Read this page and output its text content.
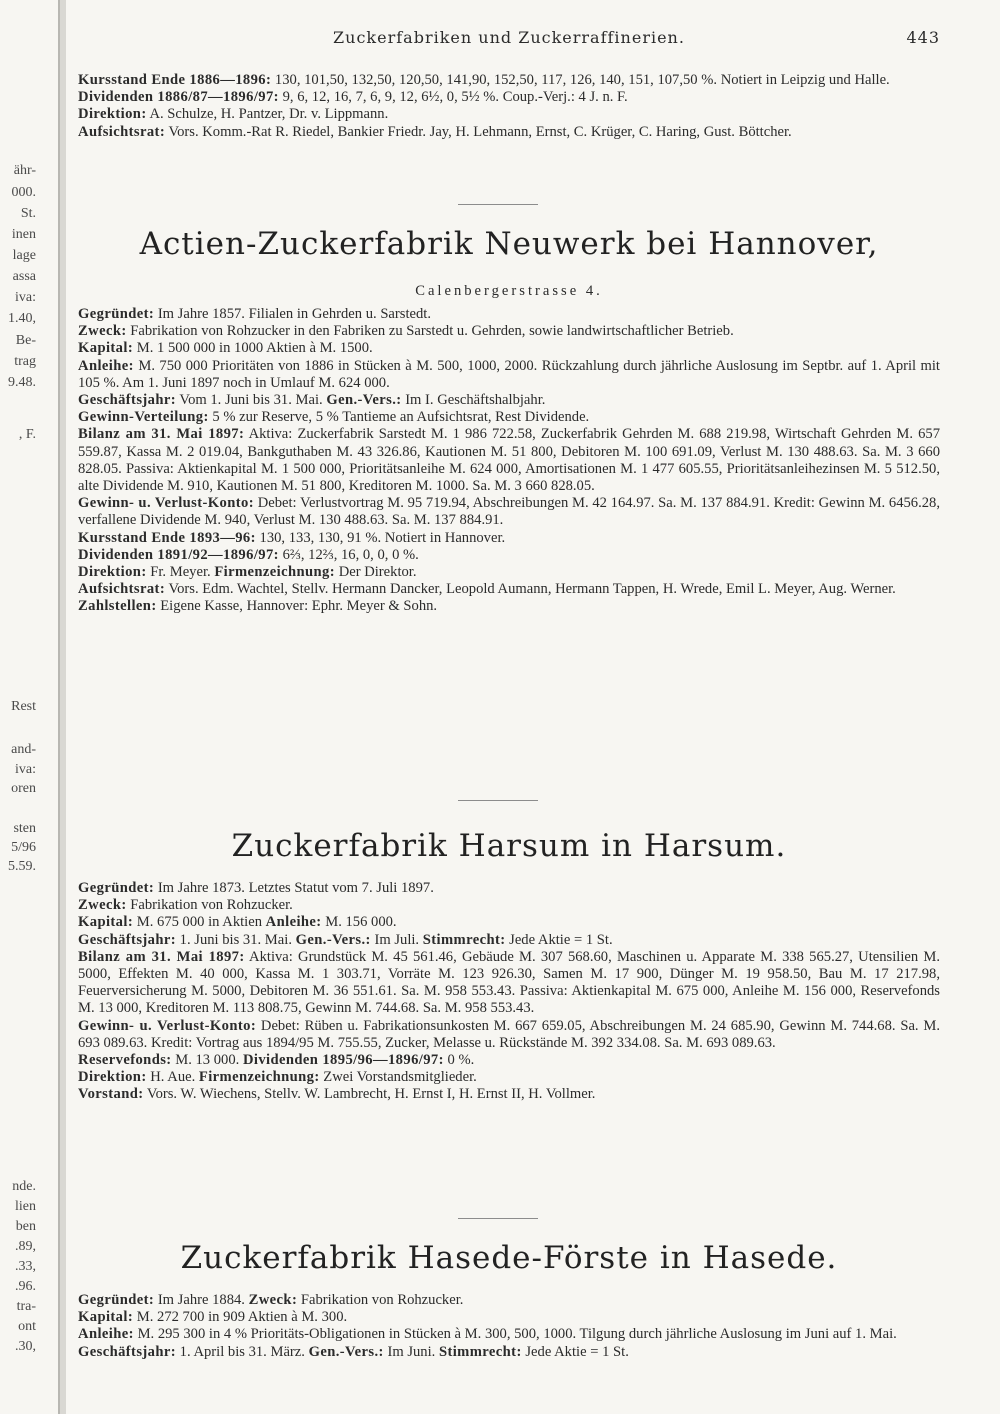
ähr-
000.
St.
inen
lage
assa
iva:
1.40,
Be-
trag
9.48.
, F.
Rest
and-
iva:
oren
sten
5/96
5.59.
nde.
lien
ben
.89,
.33,
.96.
tra-
ont
.30,
Zuckerfabriken und Zuckerraffinerien.	443

Kursstand Ende 1886—1896: 130, 101,50, 132,50, 120,50, 141,90, 152,50, 117, 126, 140, 151, 107,50 %. Notiert in Leipzig und Halle.

Dividenden 1886/87—1896/97: 9, 6, 12, 16, 7, 6, 9, 12, 6½, 0, 5½ %. Coup.-Verj.: 4 J. n. F.

Direktion: A. Schulze, H. Pantzer, Dr. v. Lippmann.

Aufsichtsrat: Vors. Komm.-Rat R. Riedel, Bankier Friedr. Jay, H. Lehmann, Ernst, C. Krüger, C. Haring, Gust. Böttcher.

Actien-Zuckerfabrik Neuwerk bei Hannover,
Calenbergerstrasse 4.

Gegründet: Im Jahre 1857. Filialen in Gehrden u. Sarstedt.

Zweck: Fabrikation von Rohzucker in den Fabriken zu Sarstedt u. Gehrden, sowie landwirtschaftlicher Betrieb.

Kapital: M. 1 500 000 in 1000 Aktien à M. 1500.

Anleihe: M. 750 000 Prioritäten von 1886 in Stücken à M. 500, 1000, 2000. Rückzahlung durch jährliche Auslosung im Septbr. auf 1. April mit 105 %. Am 1. Juni 1897 noch in Umlauf M. 624 000.

Geschäftsjahr: Vom 1. Juni bis 31. Mai. Gen.-Vers.: Im I. Geschäftshalbjahr.

Gewinn-Verteilung: 5 % zur Reserve, 5 % Tantieme an Aufsichtsrat, Rest Dividende.

Bilanz am 31. Mai 1897: Aktiva: Zuckerfabrik Sarstedt M. 1 986 722.58, Zuckerfabrik Gehrden M. 688 219.98, Wirtschaft Gehrden M. 657 559.87, Kassa M. 2 019.04, Bankguthaben M. 43 326.86, Kautionen M. 51 800, Debitoren M. 100 691.09, Verlust M. 130 488.63. Sa. M. 3 660 828.05. Passiva: Aktienkapital M. 1 500 000, Prioritätsanleihe M. 624 000, Amortisationen M. 1 477 605.55, Prioritätsanleihezinsen M. 5 512.50, alte Dividende M. 910, Kautionen M. 51 800, Kreditoren M. 1000. Sa. M. 3 660 828.05.

Gewinn- u. Verlust-Konto: Debet: Verlustvortrag M. 95 719.94, Abschreibungen M. 42 164.97. Sa. M. 137 884.91. Kredit: Gewinn M. 6456.28, verfallene Dividende M. 940, Verlust M. 130 488.63. Sa. M. 137 884.91.

Kursstand Ende 1893—96: 130, 133, 130, 91 %. Notiert in Hannover.

Dividenden 1891/92—1896/97: 6⅔, 12⅔, 16, 0, 0, 0 %.

Direktion: Fr. Meyer. Firmenzeichnung: Der Direktor.

Aufsichtsrat: Vors. Edm. Wachtel, Stellv. Hermann Dancker, Leopold Aumann, Hermann Tappen, H. Wrede, Emil L. Meyer, Aug. Werner.

Zahlstellen: Eigene Kasse, Hannover: Ephr. Meyer & Sohn.

Zuckerfabrik Harsum in Harsum.

Gegründet: Im Jahre 1873. Letztes Statut vom 7. Juli 1897.

Zweck: Fabrikation von Rohzucker.

Kapital: M. 675 000 in Aktien Anleihe: M. 156 000.

Geschäftsjahr: 1. Juni bis 31. Mai. Gen.-Vers.: Im Juli. Stimmrecht: Jede Aktie = 1 St.

Bilanz am 31. Mai 1897: Aktiva: Grundstück M. 45 561.46, Gebäude M. 307 568.60, Maschinen u. Apparate M. 338 565.27, Utensilien M. 5000, Effekten M. 40 000, Kassa M. 1 303.71, Vorräte M. 123 926.30, Samen M. 17 900, Dünger M. 19 958.50, Bau M. 17 217.98, Feuerversicherung M. 5000, Debitoren M. 36 551.61. Sa. M. 958 553.43. Passiva: Aktienkapital M. 675 000, Anleihe M. 156 000, Reservefonds M. 13 000, Kreditoren M. 113 808.75, Gewinn M. 744.68. Sa. M. 958 553.43.

Gewinn- u. Verlust-Konto: Debet: Rüben u. Fabrikationsunkosten M. 667 659.05, Abschreibungen M. 24 685.90, Gewinn M. 744.68. Sa. M. 693 089.63. Kredit: Vortrag aus 1894/95 M. 755.55, Zucker, Melasse u. Rückstände M. 392 334.08. Sa. M. 693 089.63.

Reservefonds: M. 13 000. Dividenden 1895/96—1896/97: 0 %.

Direktion: H. Aue. Firmenzeichnung: Zwei Vorstandsmitglieder.

Vorstand: Vors. W. Wiechens, Stellv. W. Lambrecht, H. Ernst I, H. Ernst II, H. Vollmer.

Zuckerfabrik Hasede-Förste in Hasede.

Gegründet: Im Jahre 1884. Zweck: Fabrikation von Rohzucker.

Kapital: M. 272 700 in 909 Aktien à M. 300.

Anleihe: M. 295 300 in 4 % Prioritäts-Obligationen in Stücken à M. 300, 500, 1000. Tilgung durch jährliche Auslosung im Juni auf 1. Mai.

Geschäftsjahr: 1. April bis 31. März. Gen.-Vers.: Im Juni. Stimmrecht: Jede Aktie = 1 St.
